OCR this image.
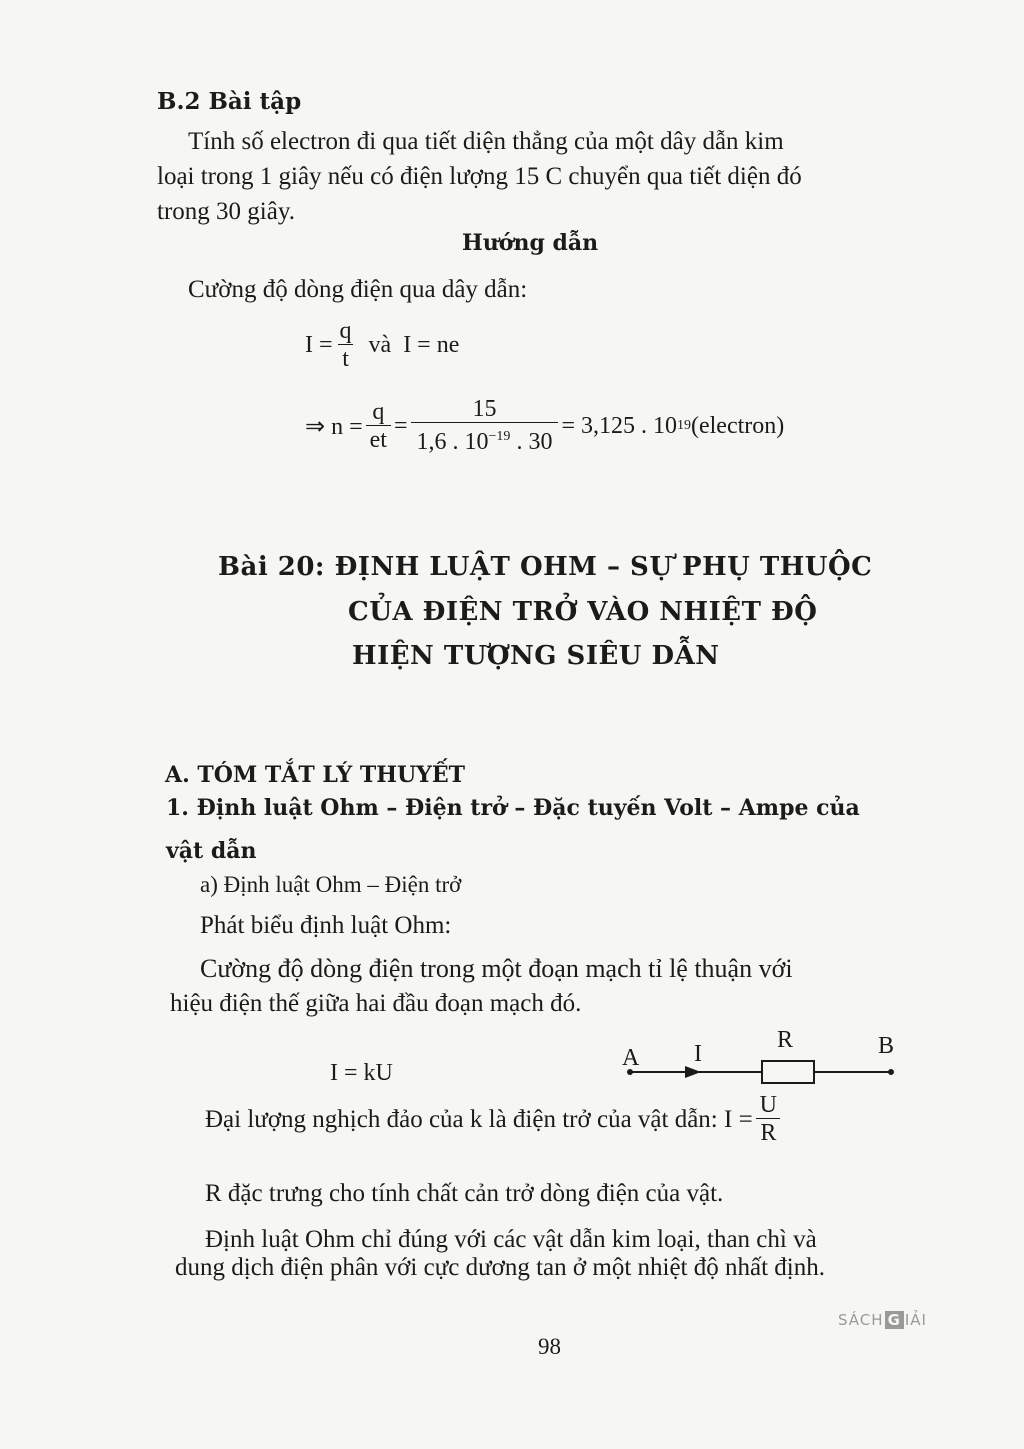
B.2 Bài tập
Tính số electron đi qua tiết diện thẳng của một dây dẫn kim
loại trong 1 giây nếu có điện lượng 15 C chuyển qua tiết diện đó
trong 30 giây.
Hướng dẫn
Cường độ dòng điện qua dây dẫn:
$I = \frac{q}{t}$ và I = ne
⇒ $n = \frac{q}{et} = \frac{15}{1,6 . 10^{-19} . 30} = 3,125$ . 10 19 (electron)
Bài 20: ĐỊNH LUẬT OHM – SỰ PHỤ THUỘC
CỦA ĐIỆN TRỞ VÀO NHIỆT ĐỘ
HIỆN TƯỢNG SIÊU DẪN
A. TÓM TẮT LÝ THUYẾT
1. Định luật Ohm – Điện trở – Đặc tuyến Volt – Ampe của
vật dẫn
a) Định luật Ohm – Điện trở
Phát biểu định luật Ohm:
Cường độ dòng điện trong một đoạn mạch tỉ lệ thuận với
hiệu điện thế giữa hai đầu đoạn mạch đó.
I = kU
A I
R	B
Đại lượng nghịch đảo của k là điện trở của vật dẫn: $I = \frac{U}{R}$
R đặc trưng cho tính chất cản trở dòng điện của vật.
Định luật Ohm chỉ đúng với các vật dẫn kim loại, than chì và
dung dịch điện phân với cực dương tan ở một nhiệt độ nhất định.
SÁCH G IẢI
98
